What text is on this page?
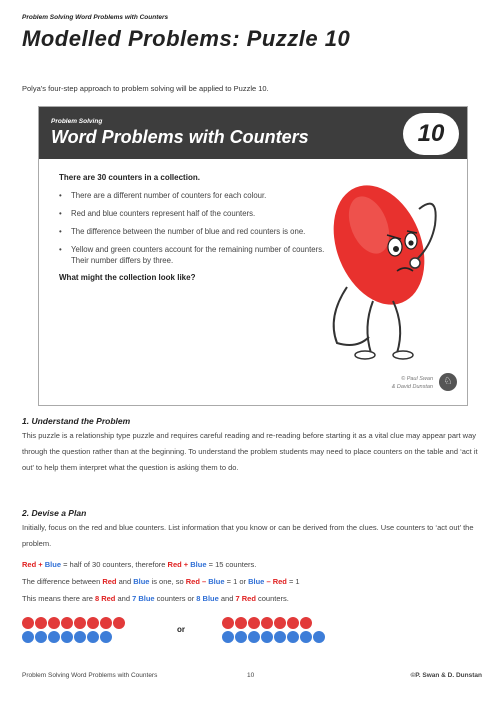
Problem Solving Word Problems with Counters
Modelled Problems: Puzzle 10
Polya’s four-step approach to problem solving will be applied to Puzzle 10.
Problem Solving
Word Problems with Counters	10
There are 30 counters in a collection.
• There are a different number of counters for each colour.
• Red and blue counters represent half of the counters.
• The difference between the number of blue and red counters is one.
• Yellow and green counters account for the remaining number of counters. Their number differs by three.
What might the collection look like?
© Paul Swan
& David Dunstan	♘
1. Understand the Problem
This puzzle is a relationship type puzzle and requires careful reading and re-reading before starting it as a vital clue may appear part way through the question rather than at the beginning. To understand the problem students may need to place counters on the table and ‘act it out’ to help them interpret what the question is asking them to do.
2. Devise a Plan
Initially, focus on the red and blue counters. List information that you know or can be derived from the clues. Use counters to ‘act out’ the problem.
Red + Blue = half of 30 counters, therefore Red + Blue = 15 counters.
The difference between Red and Blue is one, so Red – Blue = 1 or Blue – Red = 1
This means there are 8 Red and 7 Blue counters or 8 Blue and 7 Red counters.
or
Problem Solving Word Problems with Counters	10	©P. Swan & D. Dunstan
